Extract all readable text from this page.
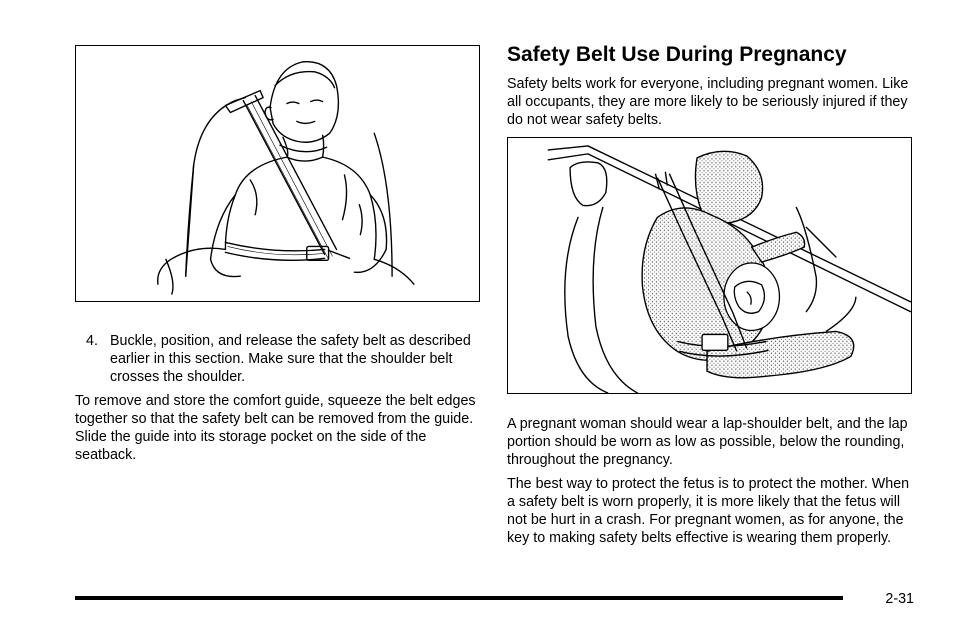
4. Buckle, position, and release the safety belt as described earlier in this section. Make sure that the shoulder belt crosses the shoulder.

To remove and store the comfort guide, squeeze the belt edges together so that the safety belt can be removed from the guide. Slide the guide into its storage pocket on the side of the seatback.

Safety Belt Use During Pregnancy

Safety belts work for everyone, including pregnant women. Like all occupants, they are more likely to be seriously injured if they do not wear safety belts.

A pregnant woman should wear a lap-shoulder belt, and the lap portion should be worn as low as possible, below the rounding, throughout the pregnancy.

The best way to protect the fetus is to protect the mother. When a safety belt is worn properly, it is more likely that the fetus will not be hurt in a crash. For pregnant women, as for anyone, the key to making safety belts effective is wearing them properly.

2-31
